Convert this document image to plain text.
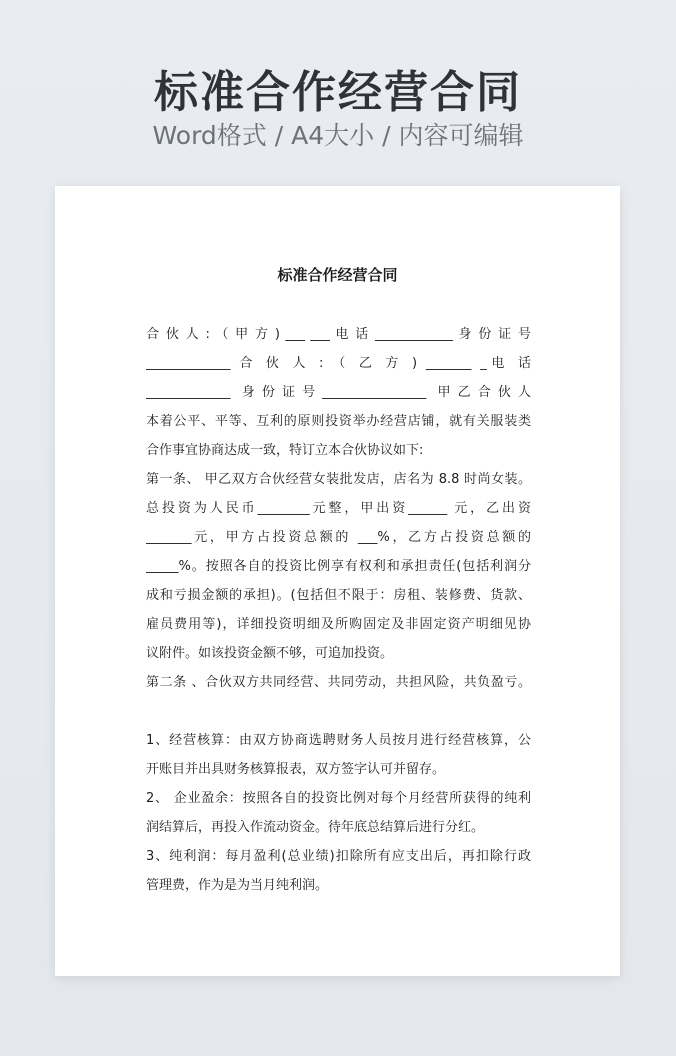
标准合作经营合同

Word格式 / A4大小 / 内容可编辑

标准合作经营合同
合 伙 人 : （ 甲 方 ) ___ ___ 电 话 ____________ 身 份 证 号
_____________ 合 伙 人 : （ 乙 方 ) _______ _电 话
_____________ 身份证号________________ 甲乙合伙人
本着公平、平等、互利的原则投资举办经营店铺，就有关服装类
合作事宜协商达成一致，特订立本合伙协议如下:
第一条、 甲乙双方合伙经营女装批发店，店名为 8.8 时尚女装。
总投资为人民币________元整，甲出资______ 元，乙出资
_______元，甲方占投资总额的 ___%，乙方占投资总额的
_____%。按照各自的投资比例享有权利和承担责任(包括利润分
成和亏损金额的承担)。(包括但不限于：房租、装修费、货款、
雇员费用等)，详细投资明细及所购固定及非固定资产明细见协
议附件。如该投资金额不够，可追加投资。
第二条 、合伙双方共同经营、共同劳动，共担风险，共负盈亏。
1、经营核算：由双方协商选聘财务人员按月进行经营核算，公
开账目并出具财务核算报表，双方签字认可并留存。
2、 企业盈余：按照各自的投资比例对每个月经营所获得的纯利
润结算后，再投入作流动资金。待年底总结算后进行分红。
3、纯利润：每月盈利(总业绩)扣除所有应支出后，再扣除行政
管理费，作为是为当月纯利润。
